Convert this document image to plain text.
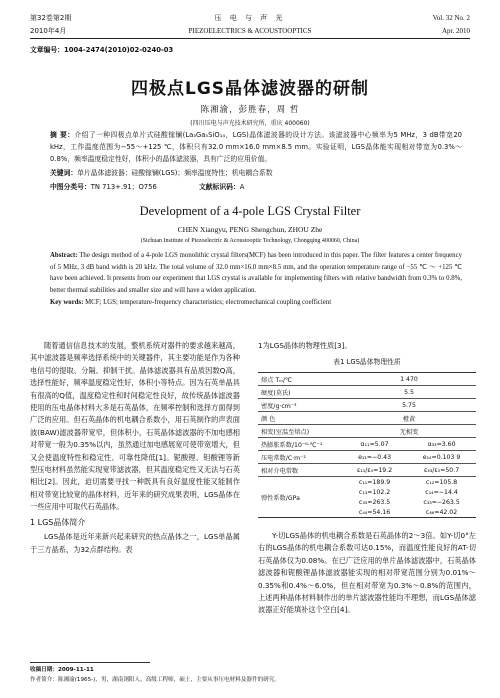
第32卷第2期	压 电 与 声 光	Vol. 32 No. 2
2010年4月	PIEZOELECTRICS & ACOUSTOOPTICS	Apr. 2010
文章编号：1004-2474(2010)02-0240-03
四极点LGS晶体滤波器的研制
陈湘渝，彭胜春，周 哲
(四川压电与声光技术研究所，重庆 400060)
摘 要：介绍了一种四极点单片式硅酸镓镧(La₃Ga₅SiO₁₄，LGS)晶体滤波器的设计方法。该滤波器中心频率为5 MHz，3 dB带宽20 kHz，工作温度范围为−55～+125 ℃，体积只有32.0 mm×16.0 mm×8.5 mm。实验证明，LGS晶体能实现相对带宽为0.3%～0.8%，频率温度稳定性好，体积小的晶体滤波器，具有广泛的应用价值。
关键词：单片晶体滤波器；硅酸镓镧(LGS)；频率温度特性；机电耦合系数
中图分类号：TN 713+.91；O756	文献标识码：A
Development of a 4-pole LGS Crystal Filter
CHEN Xiangyu, PENG Shengchun, ZHOU Zhe
(Sichuan Institute of Piezoelectric & Acoustooptic Technology, Chongqing 400060, China)
Abstract: The design method of a 4-pole LGS monolithic crystal filters(MCF) has been introduced in this paper. The filter features a center frequency of 5 MHz, 3 dB band width is 20 kHz. The total volume of 32.0 mm×16.0 mm×8.5 mm, and the operation temperature range of −55 ℃ ～ +125 ℃ have been achieved. It presents from our experiment that LGS crystal is available for implementing filters with relative bandwidth from 0.3% to 0.8%, better thermal stabilities and smaller size and will have a widen application.
Key words: MCF; LGS; temperature-frequency characteristics; electromechanical coupling coefficient

随着通信信息技术的发展，整机系统对器件的要求越来越高，其中滤波器是频率选择系统中的关键器件，其主要功能是作为各种电信号的提取、分隔、抑制干扰。晶体滤波器具有品质因数Q高，选择性能好，频率温度稳定性好，体积小等特点。因为石英单晶具有很高的Q值，温度稳定性和时间稳定性良好，故传统晶体滤波器使用的压电晶体材料大多是石英晶体，在频率控制和选择方面得到广泛的应用。但石英晶体的机电耦合系数小，用石英制作的声表面波(BAW)滤波器带宽窄，但体积小，石英晶体滤波器的不加电感相对带宽一般为0.35%以内，虽然通过加电感展宽可使带宽增大，但又会使温度特性和稳定性、可靠性降低[1]。铌酸锂、钽酸锂等新型压电材料虽然能实现宽带滤波器，但其温度稳定性又无法与石英相比[2]。因此，迫切需要寻找一种既具有良好温度性能又能制作相对带宽比较宽的晶体材料，近年来的研究成果表明，LGS晶体在一些应用中可取代石英晶体。

1 LGS晶体简介

LGS晶体是近年来新兴起来研究的热点晶体之一，LGS单晶属于三方晶系，为32点群结构。表

1为LGS晶体的物理性质[3]。
表1 LGS晶体物理性质
熔点 Tₘ/℃	1 470	
硬度(莫氏)	5.5	
密度/g·cm⁻³	5.75	
颜 色	橙黄	
相变(室温至熔点)	无相变	
热膨胀系数/10⁻⁶·℃⁻¹	α₁₁=5.07	α₃₃=3.60
压电常数/C·m⁻²	e₁₁=−0.43	e₁₄=0.103 9
相对介电常数	ε₁₁/ε₀=19.2	ε₃₃/ε₀=50.7
弹性系数/GPa	c₁₁=189.9	c₁₂=105.8
	c₁₃=102.2	c₁₄=−14.4
	c₃₃=263.5	c₃₃=−263.5
	c₄₄=54.16	c₆₆=42.02
Y-切LGS晶体的机电耦合系数是石英晶体的2～3倍。如Y-切0°左右的LGS晶体的机电耦合系数可达0.15%，而温度性能良好的AT-切石英晶体仅为0.08%。在已广泛应用的单片晶体滤波器中，石英晶体滤波器和铌酸锂晶体滤波器能实现的相对带宽范围分别为0.01%～0.35%和0.4%～6.0%，但在相对带宽为0.3%～0.8%的范围内，上述两种晶体材料制作出的单片滤波器性能均不理想，而LGS晶体滤波器正好能填补这个空白[4]。
收稿日期：2009-11-11
作者简介：陈湘渝(1965-)，男，湖南浏阳人，高级工程师，硕士，主要从事压电材料及器件的研究。
